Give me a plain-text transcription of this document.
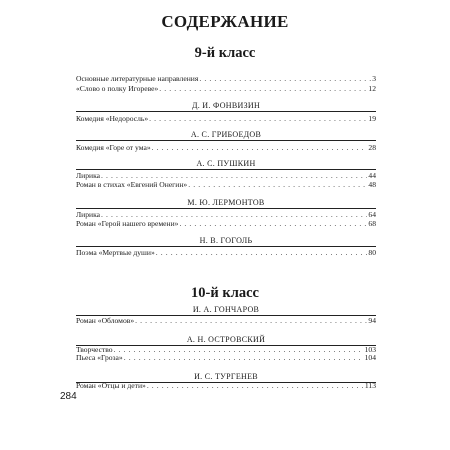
СОДЕРЖАНИЕ
9-й класс
Основные литературные направления . . .	3
«Слово о полку Игореве» . . .	12
Д. И. ФОНВИЗИН
Комедия «Недоросль» . . .	19
А. С. ГРИБОЕДОВ
Комедия «Горе от ума» . . .	28
А. С. ПУШКИН
Лирика . . .	44
Роман в стихах «Евгений Онегин» . . .	48
М. Ю. ЛЕРМОНТОВ
Лирика . . .	64
Роман «Герой нашего времени» . . .	68
Н. В. ГОГОЛЬ
Поэма «Мертвые души» . . .	80
10-й класс
И. А. ГОНЧАРОВ
Роман «Обломов» . . .	94
А. Н. ОСТРОВСКИЙ
Творчество . . .	103
Пьеса «Гроза» . . .	104
И. С. ТУРГЕНЕВ
Роман «Отцы и дети» . . .	113
284
